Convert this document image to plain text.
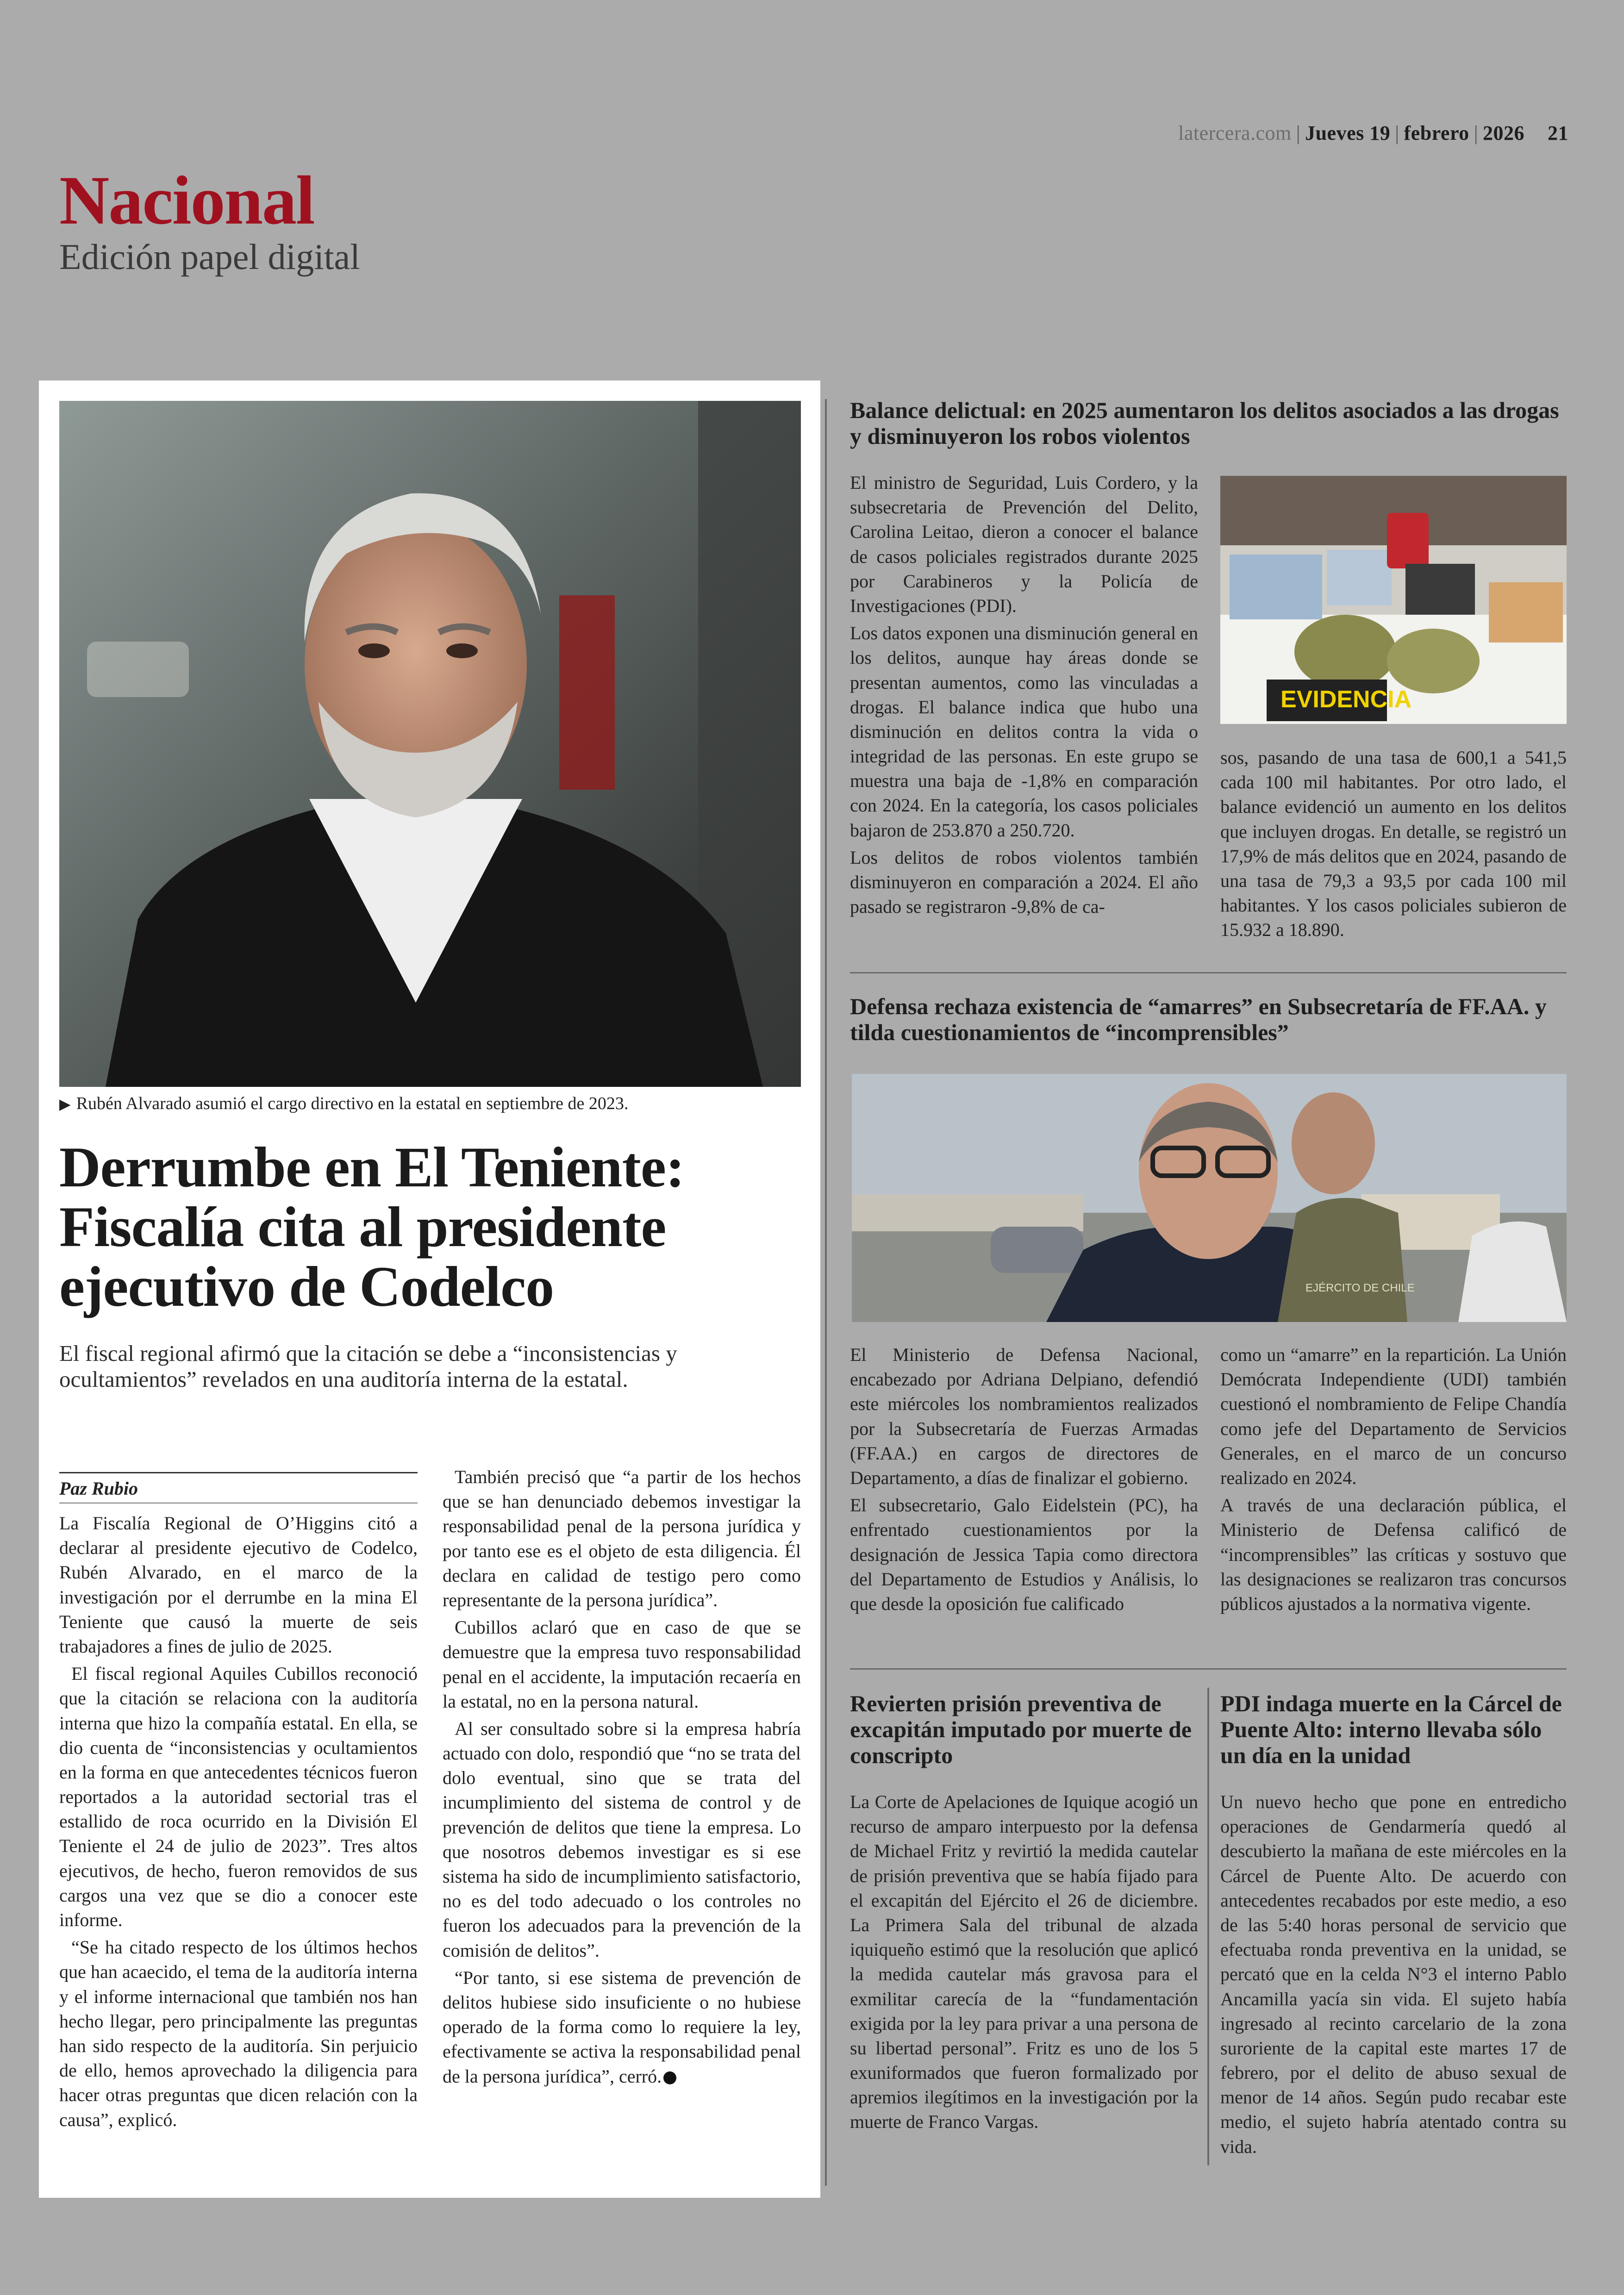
latercera.com | Jueves 19 | febrero | 2026 21
Nacional
Edición papel digital
▶ Rubén Alvarado asumió el cargo directivo en la estatal en septiembre de 2023.
Derrumbe en El Teniente: Fiscalía cita al presidente ejecutivo de Codelco
El fiscal regional afirmó que la citación se debe a “inconsistencias y ocultamientos” revelados en una auditoría interna de la estatal.
Paz Rubio

La Fiscalía Regional de O’Higgins citó a declarar al presidente ejecutivo de Codelco, Rubén Alvarado, en el marco de la investigación por el derrumbe en la mina El Teniente que causó la muerte de seis trabajadores a fines de julio de 2025.

El fiscal regional Aquiles Cubillos reconoció que la citación se relaciona con la auditoría interna que hizo la compañía estatal. En ella, se dio cuenta de “inconsistencias y ocultamientos en la forma en que antecedentes técnicos fueron reportados a la autoridad sectorial tras el estallido de roca ocurrido en la División El Teniente el 24 de julio de 2023”. Tres altos ejecutivos, de hecho, fueron removidos de sus cargos una vez que se dio a conocer este informe.

“Se ha citado respecto de los últimos hechos que han acaecido, el tema de la auditoría interna y el informe internacional que también nos han hecho llegar, pero principalmente las preguntas han sido respecto de la auditoría. Sin perjuicio de ello, hemos aprovechado la diligencia para hacer otras preguntas que dicen relación con la causa”, explicó.

También precisó que “a partir de los hechos que se han denunciado debemos investigar la responsabilidad penal de la persona jurídica y por tanto ese es el objeto de esta diligencia. Él declara en calidad de testigo pero como representante de la persona jurídica”.

Cubillos aclaró que en caso de que se demuestre que la empresa tuvo responsabilidad penal en el accidente, la imputación recaería en la estatal, no en la persona natural.

Al ser consultado sobre si la empresa habría actuado con dolo, respondió que “no se trata del dolo eventual, sino que se trata del incumplimiento del sistema de control y de prevención de delitos que tiene la empresa. Lo que nosotros debemos investigar es si ese sistema ha sido de incumplimiento satisfactorio, no es del todo adecuado o los controles no fueron los adecuados para la prevención de la comisión de delitos”.

“Por tanto, si ese sistema de prevención de delitos hubiese sido insuficiente o no hubiese operado de la forma como lo requiere la ley, efectivamente se activa la responsabilidad penal de la persona jurídica”, cerró.

Balance delictual: en 2025 aumentaron los delitos asociados a las drogas y disminuyeron los robos violentos

El ministro de Seguridad, Luis Cordero, y la subsecretaria de Prevención del Delito, Carolina Leitao, dieron a conocer el balance de casos policiales registrados durante 2025 por Carabineros y la Policía de Investigaciones (PDI).

Los datos exponen una disminución general en los delitos, aunque hay áreas donde se presentan aumentos, como las vinculadas a drogas. El balance indica que hubo una disminución en delitos contra la vida o integridad de las personas. En este grupo se muestra una baja de -1,8% en comparación con 2024. En la categoría, los casos policiales bajaron de 253.870 a 250.720.

Los delitos de robos violentos también disminuyeron en comparación a 2024. El año pasado se registraron -9,8% de ca-

EVIDENCIA

sos, pasando de una tasa de 600,1 a 541,5 cada 100 mil habitantes. Por otro lado, el balance evidenció un aumento en los delitos que incluyen drogas. En detalle, se registró un 17,9% de más delitos que en 2024, pasando de una tasa de 79,3 a 93,5 por cada 100 mil habitantes. Y los casos policiales subieron de 15.932 a 18.890.

Defensa rechaza existencia de “amarres” en Subsecretaría de FF.AA. y tilda cuestionamientos de “incomprensibles”
EJÉRCITO DE CHILE

El Ministerio de Defensa Nacional, encabezado por Adriana Delpiano, defendió este miércoles los nombramientos realizados por la Subsecretaría de Fuerzas Armadas (FF.AA.) en cargos de directores de Departamento, a días de finalizar el gobierno.

El subsecretario, Galo Eidelstein (PC), ha enfrentado cuestionamientos por la designación de Jessica Tapia como directora del Departamento de Estudios y Análisis, lo que desde la oposición fue calificado

como un “amarre” en la repartición. La Unión Demócrata Independiente (UDI) también cuestionó el nombramiento de Felipe Chandía como jefe del Departamento de Servicios Generales, en el marco de un concurso realizado en 2024.

A través de una declaración pública, el Ministerio de Defensa calificó de “incomprensibles” las críticas y sostuvo que las designaciones se realizaron tras concursos públicos ajustados a la normativa vigente.

Revierten prisión preventiva de excapitán imputado por muerte de conscripto

La Corte de Apelaciones de Iquique acogió un recurso de amparo interpuesto por la defensa de Michael Fritz y revirtió la medida cautelar de prisión preventiva que se había fijado para el excapitán del Ejército el 26 de diciembre. La Primera Sala del tribunal de alzada iquiqueño estimó que la resolución que aplicó la medida cautelar más gravosa para el exmilitar carecía de la “fundamentación exigida por la ley para privar a una persona de su libertad personal”. Fritz es uno de los 5 exuniformados que fueron formalizado por apremios ilegítimos en la investigación por la muerte de Franco Vargas.

PDI indaga muerte en la Cárcel de Puente Alto: interno llevaba sólo un día en la unidad

Un nuevo hecho que pone en entredicho operaciones de Gendarmería quedó al descubierto la mañana de este miércoles en la Cárcel de Puente Alto. De acuerdo con antecedentes recabados por este medio, a eso de las 5:40 horas personal de servicio que efectuaba ronda preventiva en la unidad, se percató que en la celda N°3 el interno Pablo Ancamilla yacía sin vida. El sujeto había ingresado al recinto carcelario de la zona suroriente de la capital este martes 17 de febrero, por el delito de abuso sexual de menor de 14 años. Según pudo recabar este medio, el sujeto habría atentado contra su vida.
